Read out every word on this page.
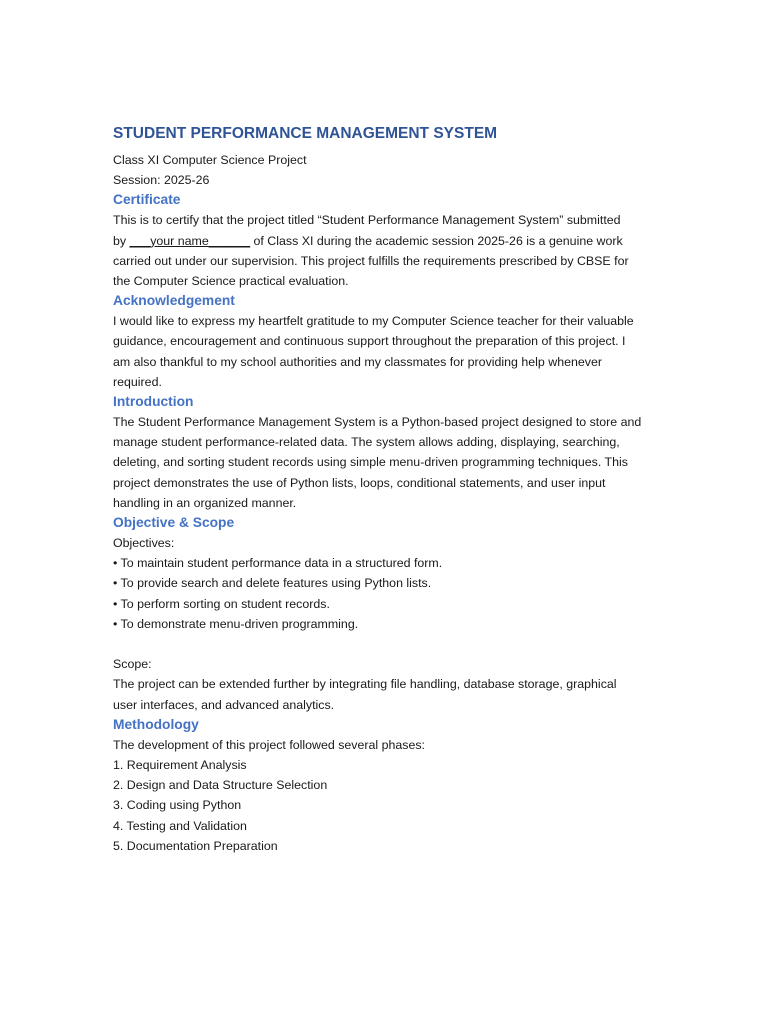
STUDENT PERFORMANCE MANAGEMENT SYSTEM

Class XI Computer Science Project

Session: 2025-26

Certificate

This is to certify that the project titled “Student Performance Management System” submitted

by ___your name______ of Class XI during the academic session 2025-26 is a genuine work

carried out under our supervision. This project fulfills the requirements prescribed by CBSE for

the Computer Science practical evaluation.

Acknowledgement

I would like to express my heartfelt gratitude to my Computer Science teacher for their valuable

guidance, encouragement and continuous support throughout the preparation of this project. I

am also thankful to my school authorities and my classmates for providing help whenever

required.

Introduction

The Student Performance Management System is a Python-based project designed to store and

manage student performance-related data. The system allows adding, displaying, searching,

deleting, and sorting student records using simple menu-driven programming techniques. This

project demonstrates the use of Python lists, loops, conditional statements, and user input

handling in an organized manner.

Objective & Scope

Objectives:

• To maintain student performance data in a structured form.

• To provide search and delete features using Python lists.

• To perform sorting on student records.

• To demonstrate menu-driven programming.

Scope:

The project can be extended further by integrating file handling, database storage, graphical

user interfaces, and advanced analytics.

Methodology

The development of this project followed several phases:

1. Requirement Analysis

2. Design and Data Structure Selection

3. Coding using Python

4. Testing and Validation

5. Documentation Preparation
